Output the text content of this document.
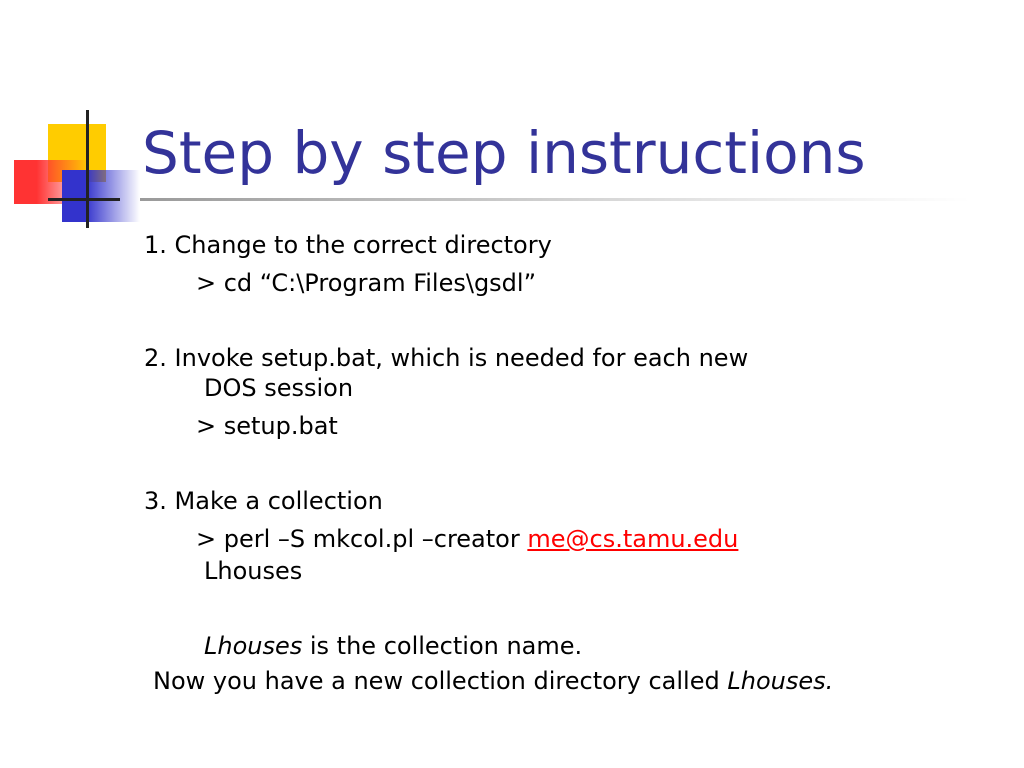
Step by step instructions
1. Change to the correct directory
> cd “C:\Program Files\gsdl”
2. Invoke setup.bat, which is needed for each new
DOS session
> setup.bat
3. Make a collection
> perl –S mkcol.pl –creator me@cs.tamu.edu
Lhouses
Lhouses is the collection name.
Now you have a new collection directory called Lhouses.
